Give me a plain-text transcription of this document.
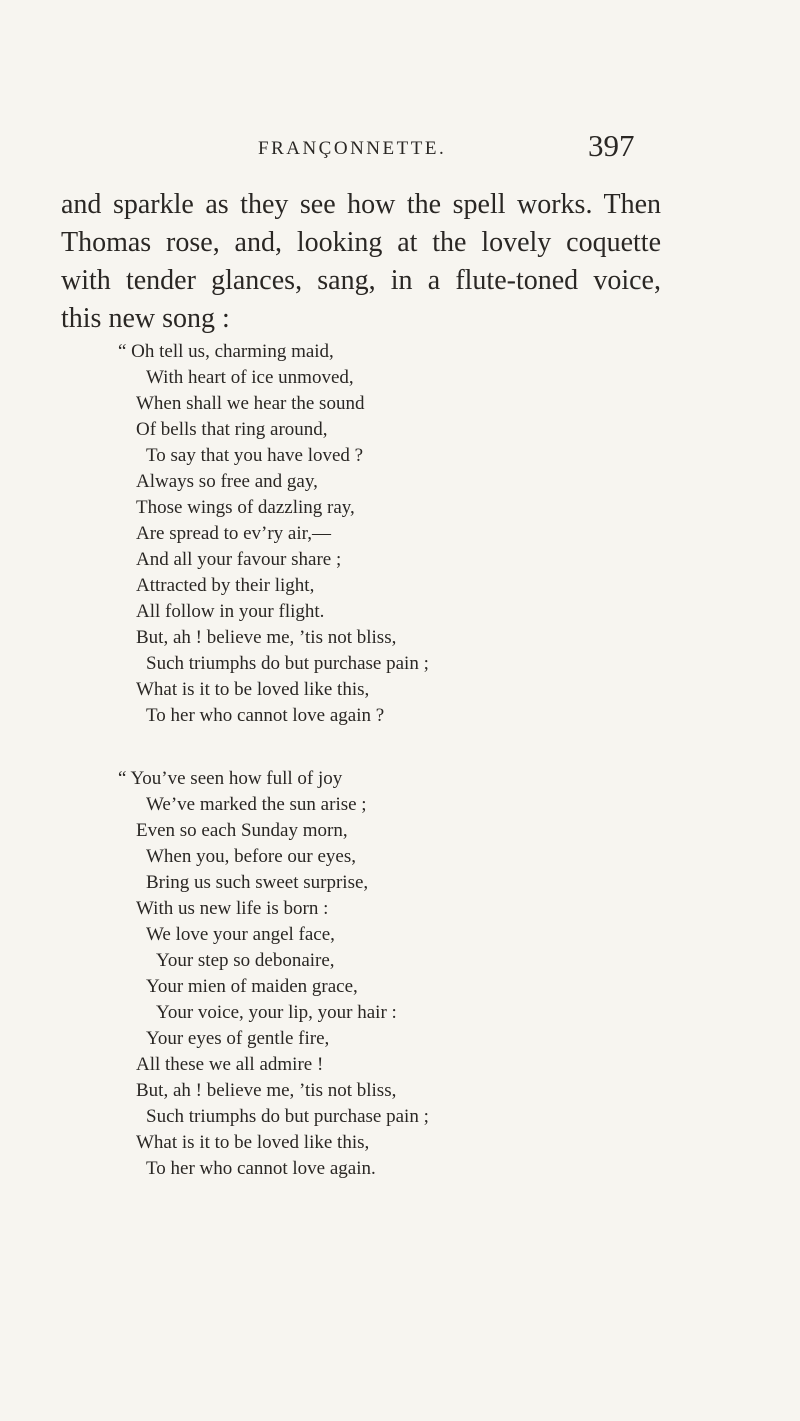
FRANÇONNETTE.	397
and sparkle as they see how the spell works. Then
Thomas rose, and, looking at the lovely coquette
with tender glances, sang, in a flute-toned voice,
this new song :
“ Oh tell us, charming maid,
With heart of ice unmoved,
When shall we hear the sound
Of bells that ring around,
To say that you have loved ?
Always so free and gay,
Those wings of dazzling ray,
Are spread to ev’ry air,—
And all your favour share ;
Attracted by their light,
All follow in your flight.
But, ah ! believe me, ’tis not bliss,
Such triumphs do but purchase pain ;
What is it to be loved like this,
To her who cannot love again ?
“ You’ve seen how full of joy
We’ve marked the sun arise ;
Even so each Sunday morn,
When you, before our eyes,
Bring us such sweet surprise,
With us new life is born :
We love your angel face,
Your step so debonaire,
Your mien of maiden grace,
Your voice, your lip, your hair :
Your eyes of gentle fire,
All these we all admire !
But, ah ! believe me, ’tis not bliss,
Such triumphs do but purchase pain ;
What is it to be loved like this,
To her who cannot love again.
